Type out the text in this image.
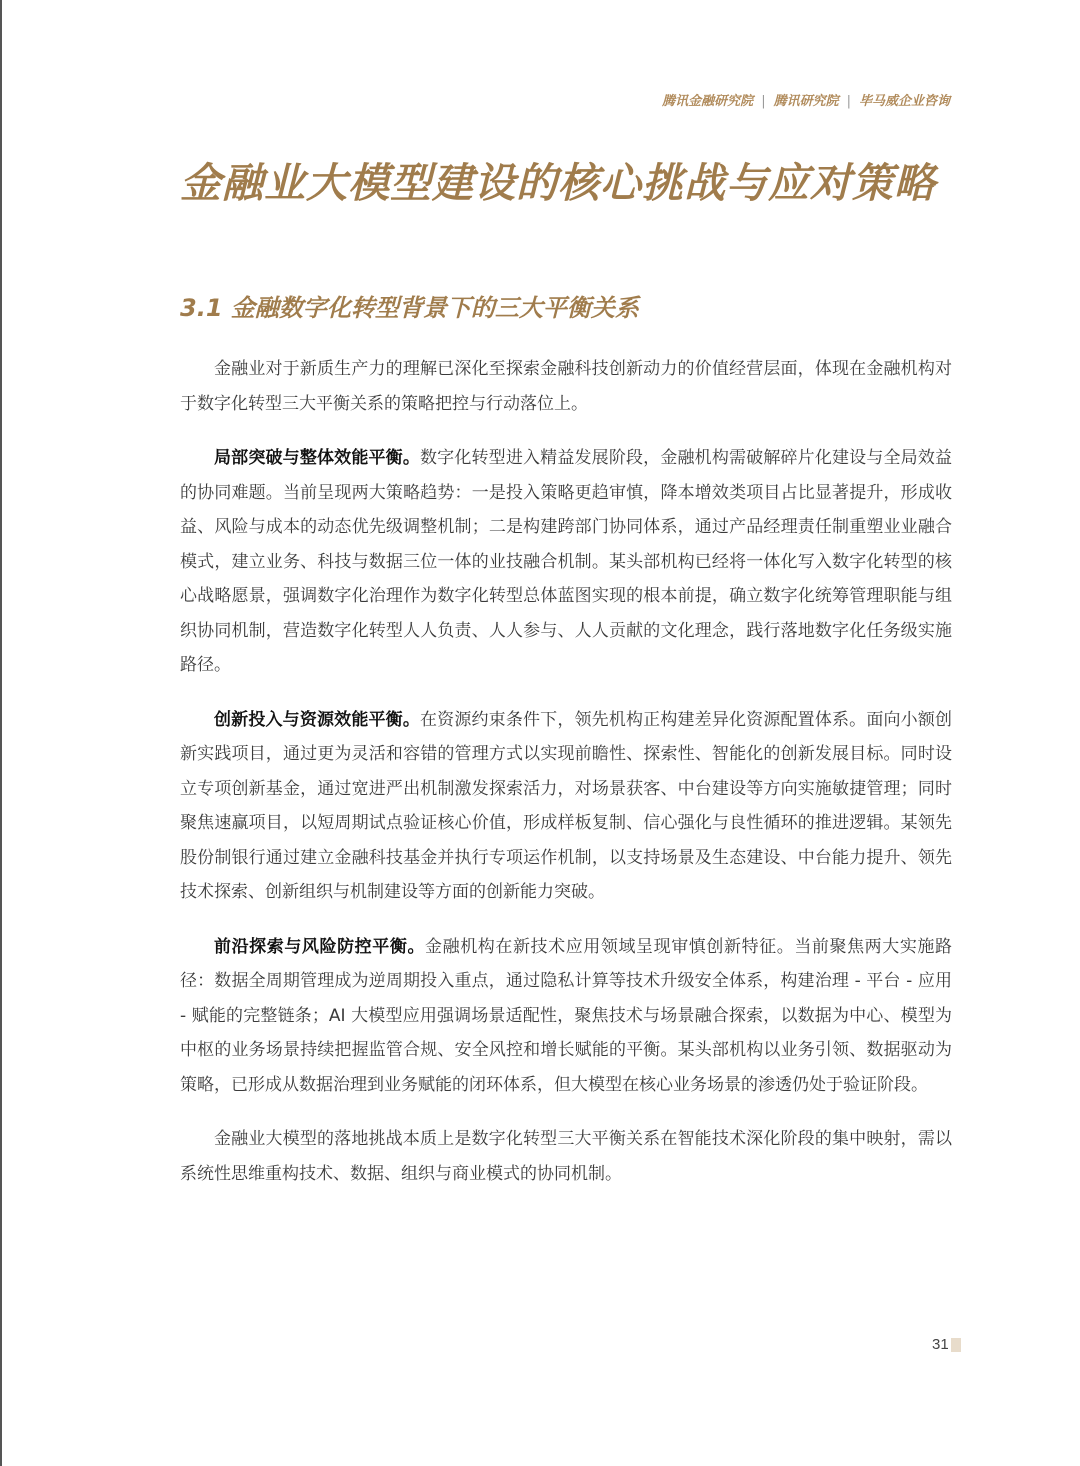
腾讯金融研究院 | 腾讯研究院 | 毕马威企业咨询
金融业大模型建设的核心挑战与应对策略
3.1 金融数字化转型背景下的三大平衡关系

金融业对于新质生产力的理解已深化至探索金融科技创新动力的价值经营层面，体现在金融机构对于数字化转型三大平衡关系的策略把控与行动落位上。

局部突破与整体效能平衡。数字化转型进入精益发展阶段，金融机构需破解碎片化建设与全局效益的协同难题。当前呈现两大策略趋势：一是投入策略更趋审慎，降本增效类项目占比显著提升，形成收益、风险与成本的动态优先级调整机制；二是构建跨部门协同体系，通过产品经理责任制重塑业业融合模式，建立业务、科技与数据三位一体的业技融合机制。某头部机构已经将一体化写入数字化转型的核心战略愿景，强调数字化治理作为数字化转型总体蓝图实现的根本前提，确立数字化统筹管理职能与组织协同机制，营造数字化转型人人负责、人人参与、人人贡献的文化理念，践行落地数字化任务级实施路径。

创新投入与资源效能平衡。在资源约束条件下，领先机构正构建差异化资源配置体系。面向小额创新实践项目，通过更为灵活和容错的管理方式以实现前瞻性、探索性、智能化的创新发展目标。同时设立专项创新基金，通过宽进严出机制激发探索活力，对场景获客、中台建设等方向实施敏捷管理；同时聚焦速赢项目，以短周期试点验证核心价值，形成样板复制、信心强化与良性循环的推进逻辑。某领先股份制银行通过建立金融科技基金并执行专项运作机制，以支持场景及生态建设、中台能力提升、领先技术探索、创新组织与机制建设等方面的创新能力突破。

前沿探索与风险防控平衡。金融机构在新技术应用领域呈现审慎创新特征。当前聚焦两大实施路径：数据全周期管理成为逆周期投入重点，通过隐私计算等技术升级安全体系，构建治理 - 平台 - 应用 - 赋能的完整链条；AI 大模型应用强调场景适配性，聚焦技术与场景融合探索，以数据为中心、模型为中枢的业务场景持续把握监管合规、安全风控和增长赋能的平衡。某头部机构以业务引领、数据驱动为策略，已形成从数据治理到业务赋能的闭环体系，但大模型在核心业务场景的渗透仍处于验证阶段。

金融业大模型的落地挑战本质上是数字化转型三大平衡关系在智能技术深化阶段的集中映射，需以系统性思维重构技术、数据、组织与商业模式的协同机制。

31
